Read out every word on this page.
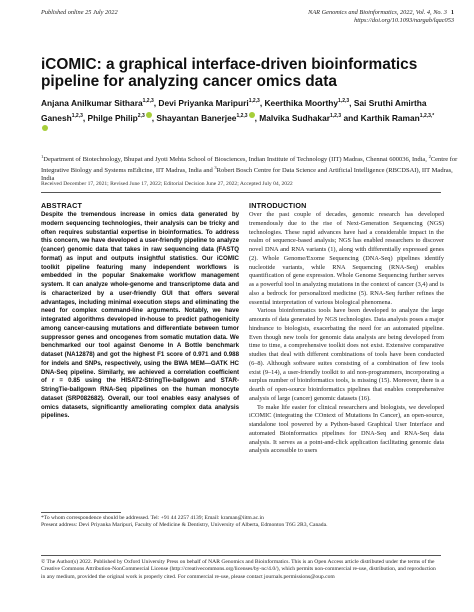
Published online 25 July 2022	NAR Genomics and Bioinformatics, 2022, Vol. 4, No. 3 1
https://doi.org/10.1093/nargab/lqac053
iCOMIC: a graphical interface-driven bioinformatics pipeline for analyzing cancer omics data
Anjana Anilkumar Sithara$^{1,2,3}$, Devi Priyanka Maripuri$^{1,2,3}$, Keerthika Moorthy$^{1,2,3}$, Sai Sruthi Amirtha Ganesh$^{1,2,3}$, Philge Philip$^{2,3}$ , Shayantan Banerjee$^{1,2,3}$ , Malvika Sudhakar$^{1,2,3}$ and Karthik Raman$^{1,2,3,*}$
$^1$Department of Biotechnology, Bhupat and Jyoti Mehta School of Biosciences, Indian Institute of Technology (IIT) Madras, Chennai 600036, India, $^2$Centre for Integrative Biology and Systems mEdicine, IIT Madras, India and $^3$Robert Bosch Centre for Data Science and Artificial Intelligence (RBCDSAI), IIT Madras, India
Received December 17, 2021; Revised June 17, 2022; Editorial Decision June 27, 2022; Accepted July 04, 2022
ABSTRACT
Despite the tremendous increase in omics data generated by modern sequencing technologies, their analysis can be tricky and often requires substantial expertise in bioinformatics. To address this concern, we have developed a user-friendly pipeline to analyze (cancer) genomic data that takes in raw sequencing data (FASTQ format) as input and outputs insightful statistics. Our iCOMIC toolkit pipeline featuring many independent workflows is embedded in the popular Snakemake workflow management system. It can analyze whole-genome and transcriptome data and is characterized by a user-friendly GUI that offers several advantages, including minimal execution steps and eliminating the need for complex command-line arguments. Notably, we have integrated algorithms developed in-house to predict pathogenicity among cancer-causing mutations and differentiate between tumor suppressor genes and oncogenes from somatic mutation data. We benchmarked our tool against Genome In A Bottle benchmark dataset (NA12878) and got the highest F1 score of 0.971 and 0.988 for indels and SNPs, respectively, using the BWA MEM—GATK HC DNA-Seq pipeline. Similarly, we achieved a correlation coefficient of r = 0.85 using the HISAT2-StringTie-ballgown and STAR-StringTie-ballgown RNA-Seq pipelines on the human monocyte dataset (SRP082682). Overall, our tool enables easy analyses of omics datasets, significantly ameliorating complex data analysis pipelines.
INTRODUCTION

Over the past couple of decades, genomic research has developed tremendously due to the rise of Next-Generation Sequencing (NGS) technologies. These rapid advances have had a considerable impact in the realm of sequence-based analysis; NGS has enabled researchers to discover novel DNA and RNA variants (1), along with differentially expressed genes (2). Whole Genome/Exome Sequencing (DNA-Seq) pipelines identify nucleotide variants, while RNA Sequencing (RNA-Seq) enables quantification of gene expression. Whole Genome Sequencing further serves as a powerful tool in analyzing mutations in the context of cancer (3,4) and is also a bedrock for personalized medicine (5). RNA-Seq further refines the essential interpretation of various biological phenomena.

Various bioinformatics tools have been developed to analyze the large amounts of data generated by NGS technologies. Data analysis poses a major hindrance to biologists, exacerbating the need for an automated pipeline. Even though new tools for genomic data analysis are being developed from time to time, a comprehensive toolkit does not exist. Extensive comparative studies that deal with different combinations of tools have been conducted (6–8). Although software suites consisting of a combination of few tools exist (9–14), a user-friendly toolkit to aid non-programmers, incorporating a surplus number of bioinformatics tools, is missing (15). Moreover, there is a dearth of open-source bioinformatics pipelines that enables comprehensive analysis of large (cancer) genomic datasets (16).

To make life easier for clinical researchers and biologists, we developed iCOMIC (integrating the COntext of Mutations In Cancer), an open-source, standalone tool powered by a Python-based Graphical User Interface and automated Bioinformatics pipelines for DNA-Seq and RNA-Seq data analysis. It serves as a point-and-click application facilitating genomic data analysis accessible to users

*To whom correspondence should be addressed. Tel: +91 44 2257 4139; Email: kraman@iitm.ac.in
Present address: Devi Priyanka Maripuri, Faculty of Medicine & Dentistry, University of Alberta, Edmonton T6G 2R3, Canada.
© The Author(s) 2022. Published by Oxford University Press on behalf of NAR Genomics and Bioinformatics. This is an Open Access article distributed under the terms of the Creative Commons Attribution-NonCommercial License (http://creativecommons.org/licenses/by-nc/4.0/), which permits non-commercial re-use, distribution, and reproduction in any medium, provided the original work is properly cited. For commercial re-use, please contact journals.permissions@oup.com
